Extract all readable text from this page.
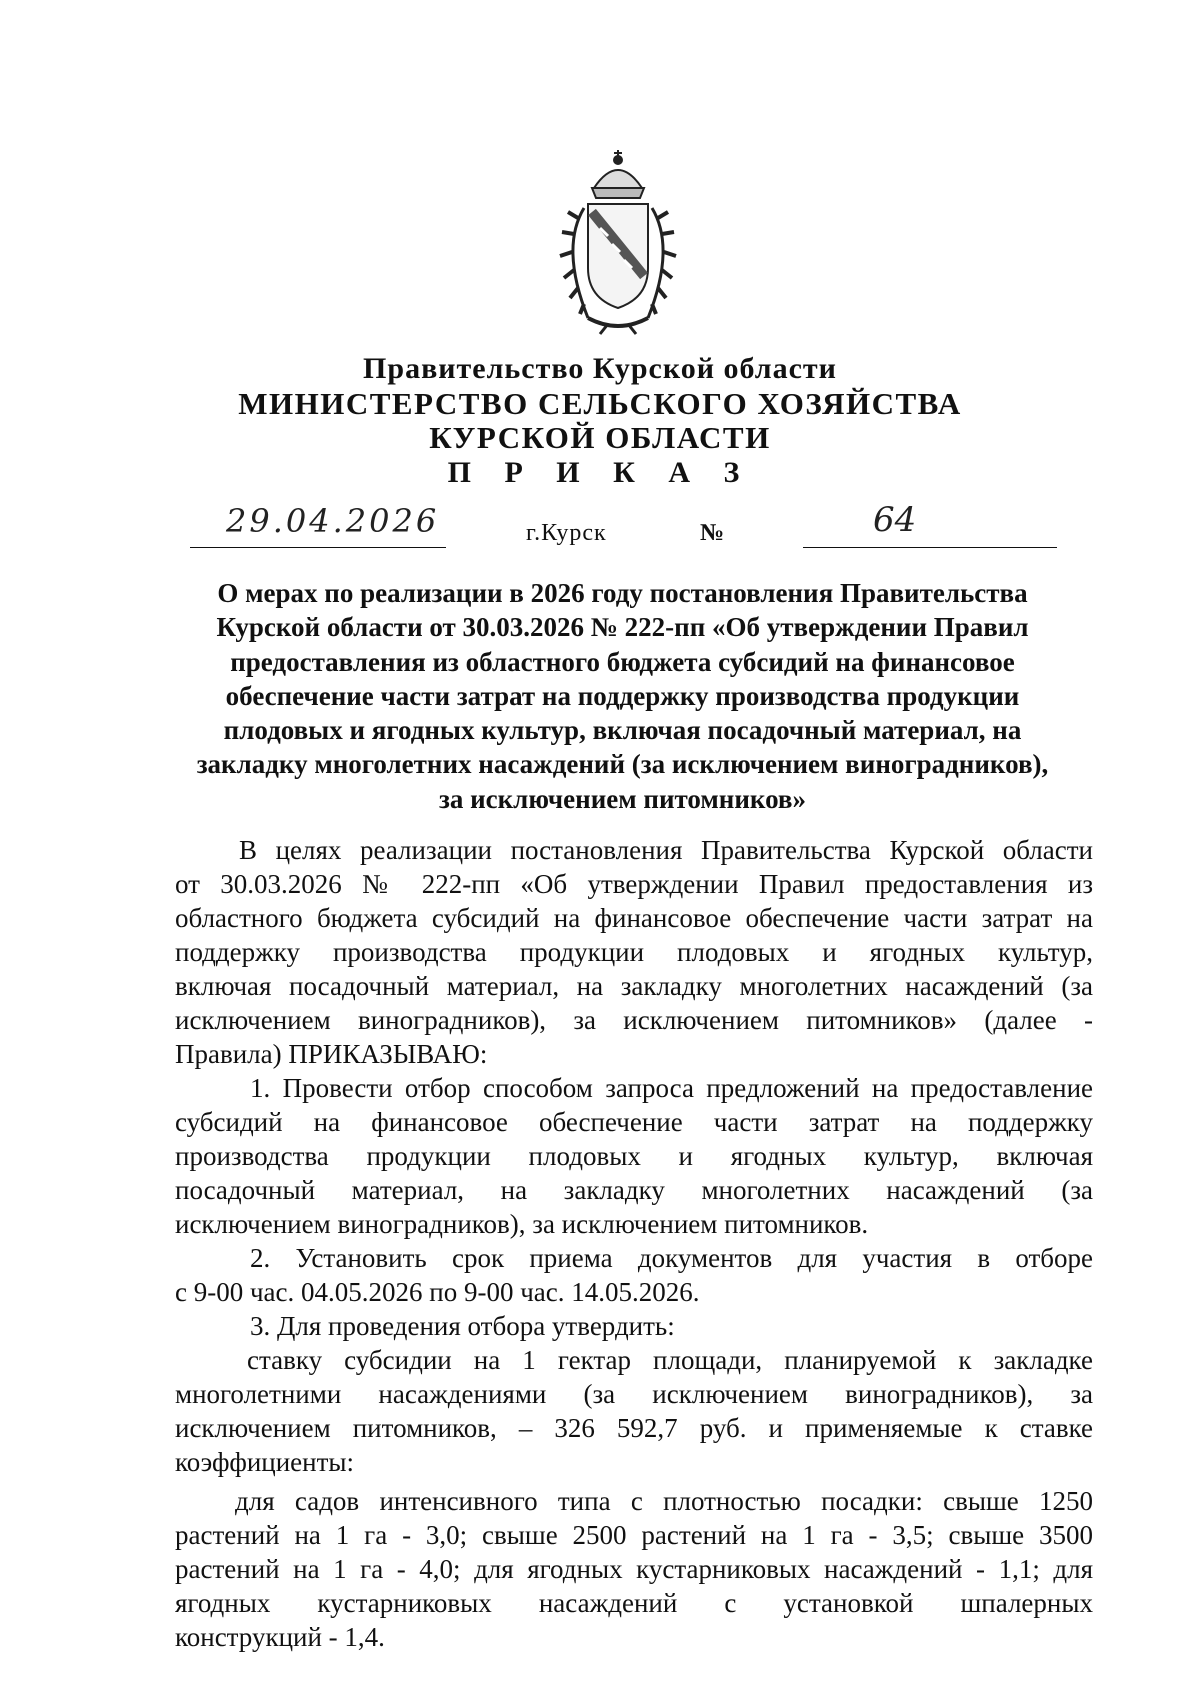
Правительство Курской области
МИНИСТЕРСТВО СЕЛЬСКОГО ХОЗЯЙСТВА
КУРСКОЙ ОБЛАСТИ
П Р И К А З
29.04.2026	г.Курск	№	64
О мерах по реализации в 2026 году постановления Правительства
Курской области от 30.03.2026 № 222-пп «Об утверждении Правил
предоставления из областного бюджета субсидий на финансовое
обеспечение части затрат на поддержку производства продукции
плодовых и ягодных культур, включая посадочный материал, на
закладку многолетних насаждений (за исключением виноградников),
за исключением питомников»
В целях реализации постановления Правительства Курской области
от 30.03.2026 № 222-пп «Об утверждении Правил предоставления из
областного бюджета субсидий на финансовое обеспечение части затрат на
поддержку производства продукции плодовых и ягодных культур,
включая посадочный материал, на закладку многолетних насаждений (за
исключением виноградников), за исключением питомников» (далее -
Правила) ПРИКАЗЫВАЮ:
1. Провести отбор способом запроса предложений на предоставление
субсидий на финансовое обеспечение части затрат на поддержку
производства продукции плодовых и ягодных культур, включая
посадочный материал, на закладку многолетних насаждений (за
исключением виноградников), за исключением питомников.
2. Установить срок приема документов для участия в отборе
с 9-00 час. 04.05.2026 по 9-00 час. 14.05.2026.
3. Для проведения отбора утвердить:
ставку субсидии на 1 гектар площади, планируемой к закладке
многолетними насаждениями (за исключением виноградников), за
исключением питомников, – 326 592,7 руб. и применяемые к ставке
коэффициенты:
для садов интенсивного типа с плотностью посадки: свыше 1250
растений на 1 га - 3,0; свыше 2500 растений на 1 га - 3,5; свыше 3500
растений на 1 га - 4,0; для ягодных кустарниковых насаждений - 1,1; для
ягодных кустарниковых насаждений с установкой шпалерных
конструкций - 1,4.
